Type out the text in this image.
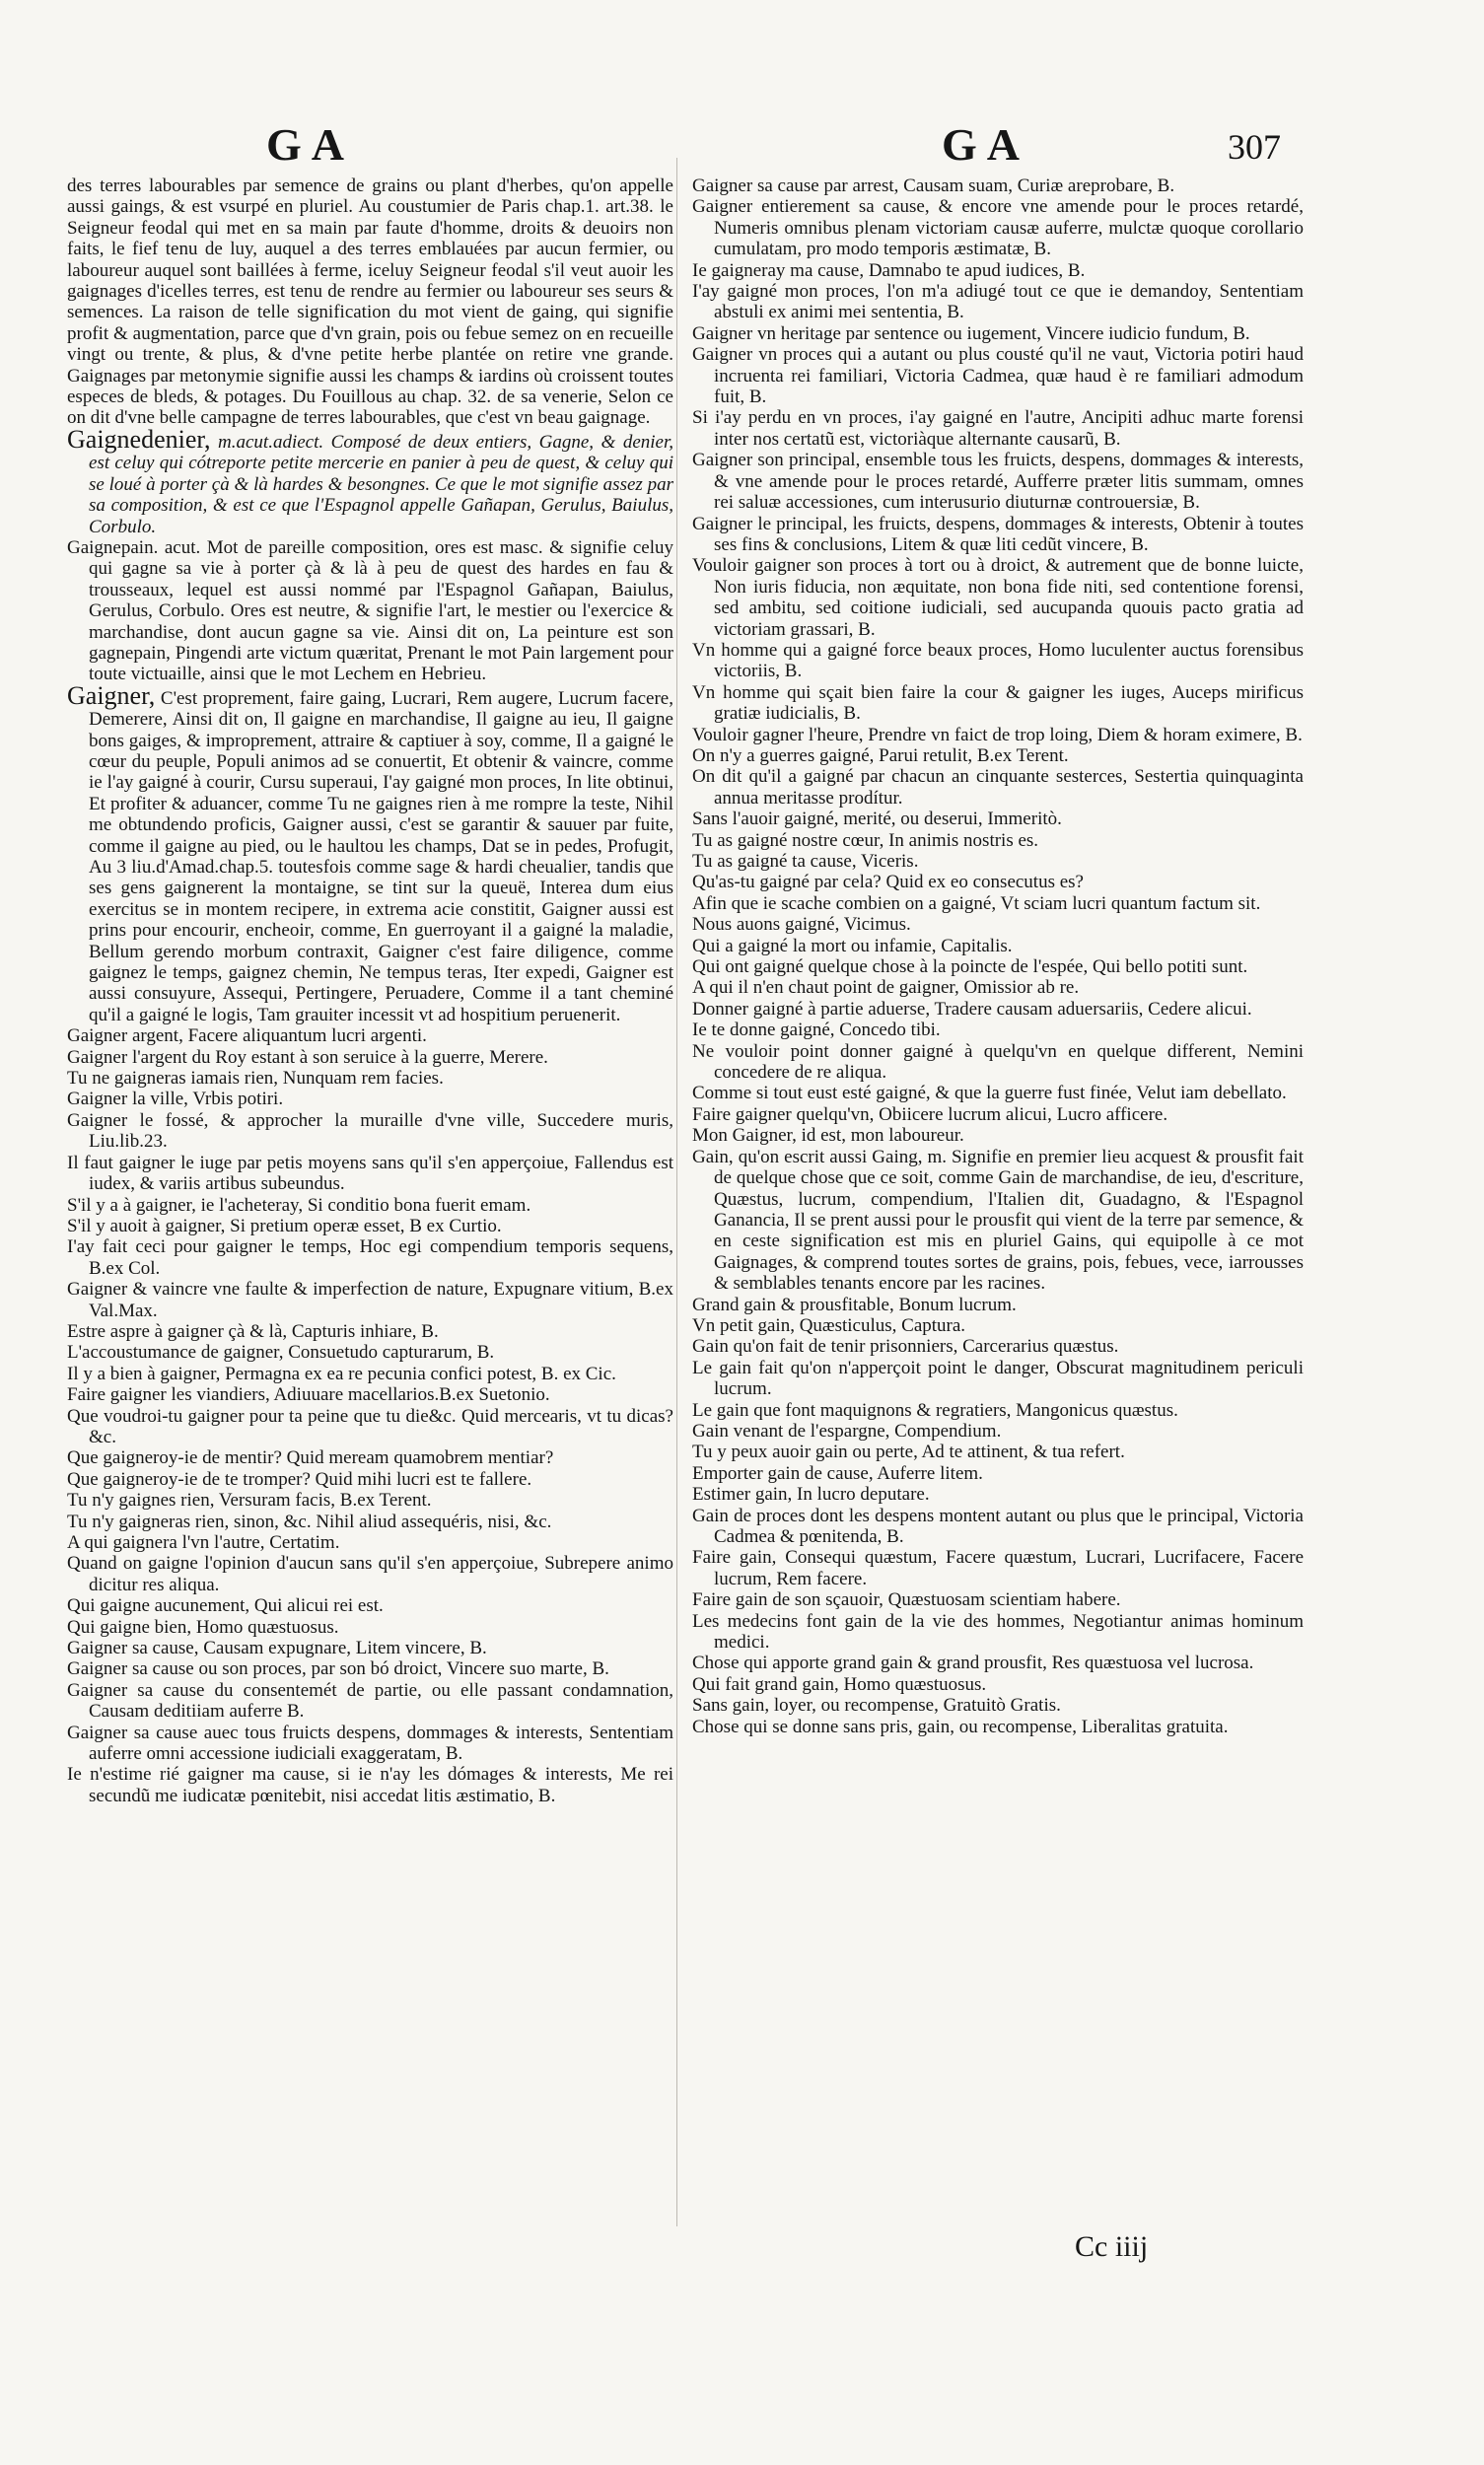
GA	GA	307

des terres labourables par semence de grains ou plant d'herbes, qu'on appelle aussi gaings, & est vsurpé en pluriel. Au coustumier de Paris chap.1. art.38. le Seigneur feodal qui met en sa main par faute d'homme, droits & deuoirs non faits, le fief tenu de luy, auquel a des terres emblauées par aucun fermier, ou laboureur auquel sont baillées à ferme, iceluy Seigneur feodal s'il veut auoir les gaignages d'icelles terres, est tenu de rendre au fermier ou laboureur ses seurs & semences. La raison de telle signification du mot vient de gaing, qui signifie profit & augmentation, parce que d'vn grain, pois ou febue semez on en recueille vingt ou trente, & plus, & d'vne petite herbe plantée on retire vne grande. Gaignages par metonymie signifie aussi les champs & iardins où croissent toutes especes de bleds, & potages. Du Fouillous au chap. 32. de sa venerie, Selon ce on dit d'vne belle campagne de terres labourables, que c'est vn beau gaignage.

Gaignedenier, m.acut.adiect. Composé de deux entiers, Gagne, & denier, est celuy qui cótreporte petite mercerie en panier à peu de quest, & celuy qui se loué à porter çà & là hardes & besongnes. Ce que le mot signifie assez par sa composition, & est ce que l'Espagnol appelle Gañapan, Gerulus, Baiulus, Corbulo.

Gaignepain. acut. Mot de pareille composition, ores est masc. & signifie celuy qui gagne sa vie à porter çà & là à peu de quest des hardes en fau & trousseaux, lequel est aussi nommé par l'Espagnol Gañapan, Baiulus, Gerulus, Corbulo. Ores est neutre, & signifie l'art, le mestier ou l'exercice & marchandise, dont aucun gagne sa vie. Ainsi dit on, La peinture est son gagnepain, Pingendi arte victum quæritat, Prenant le mot Pain largement pour toute victuaille, ainsi que le mot Lechem en Hebrieu.

Gaigner, C'est proprement, faire gaing, Lucrari, Rem augere, Lucrum facere, Demerere, Ainsi dit on, Il gaigne en marchandise, Il gaigne au ieu, Il gaigne bons gaiges, & improprement, attraire & captiuer à soy, comme, Il a gaigné le cœur du peuple, Populi animos ad se conuertit, Et obtenir & vaincre, comme ie l'ay gaigné à courir, Cursu superaui, I'ay gaigné mon proces, In lite obtinui, Et profiter & aduancer, comme Tu ne gaignes rien à me rompre la teste, Nihil me obtundendo proficis, Gaigner aussi, c'est se garantir & sauuer par fuite, comme il gaigne au pied, ou le haultou les champs, Dat se in pedes, Profugit, Au 3 liu.d'Amad.chap.5. toutesfois comme sage & hardi cheualier, tandis que ses gens gaignerent la montaigne, se tint sur la queuë, Interea dum eius exercitus se in montem recipere, in extrema acie constitit, Gaigner aussi est prins pour encourir, encheoir, comme, En guerroyant il a gaigné la maladie, Bellum gerendo morbum contraxit, Gaigner c'est faire diligence, comme gaignez le temps, gaignez chemin, Ne tempus teras, Iter expedi, Gaigner est aussi consuyure, Assequi, Pertingere, Peruadere, Comme il a tant cheminé qu'il a gaigné le logis, Tam grauiter incessit vt ad hospitium peruenerit.

Gaigner argent, Facere aliquantum lucri argenti.

Gaigner l'argent du Roy estant à son seruice à la guerre, Merere.

Tu ne gaigneras iamais rien, Nunquam rem facies.

Gaigner la ville, Vrbis potiri.

Gaigner le fossé, & approcher la muraille d'vne ville, Succedere muris, Liu.lib.23.

Il faut gaigner le iuge par petis moyens sans qu'il s'en apperçoiue, Fallendus est iudex, & variis artibus subeundus.

S'il y a à gaigner, ie l'acheteray, Si conditio bona fuerit emam.

S'il y auoit à gaigner, Si pretium operæ esset, B ex Curtio.

I'ay fait ceci pour gaigner le temps, Hoc egi compendium temporis sequens, B.ex Col.

Gaigner & vaincre vne faulte & imperfection de nature, Expugnare vitium, B.ex Val.Max.

Estre aspre à gaigner çà & là, Capturis inhiare, B.

L'accoustumance de gaigner, Consuetudo capturarum, B.

Il y a bien à gaigner, Permagna ex ea re pecunia confici potest, B. ex Cic.

Faire gaigner les viandiers, Adiuuare macellarios.B.ex Suetonio.

Que voudroi-tu gaigner pour ta peine que tu die&c. Quid mercearis, vt tu dicas? &c.

Que gaigneroy-ie de mentir? Quid meream quamobrem mentiar?

Que gaigneroy-ie de te tromper? Quid mihi lucri est te fallere.

Tu n'y gaignes rien, Versuram facis, B.ex Terent.

Tu n'y gaigneras rien, sinon, &c. Nihil aliud assequéris, nisi, &c.

A qui gaignera l'vn l'autre, Certatim.

Quand on gaigne l'opinion d'aucun sans qu'il s'en apperçoiue, Subrepere animo dicitur res aliqua.

Qui gaigne aucunement, Qui alicui rei est.

Qui gaigne bien, Homo quæstuosus.

Gaigner sa cause, Causam expugnare, Litem vincere, B.

Gaigner sa cause ou son proces, par son bó droict, Vincere suo marte, B.

Gaigner sa cause du consentemét de partie, ou elle passant condamnation, Causam deditiiam auferre B.

Gaigner sa cause auec tous fruicts despens, dommages & interests, Sententiam auferre omni accessione iudiciali exaggeratam, B.

Ie n'estime rié gaigner ma cause, si ie n'ay les dómages & interests, Me rei secundũ me iudicatæ pœnitebit, nisi accedat litis æstimatio, B.

Gaigner sa cause par arrest, Causam suam, Curiæ areprobare, B.

Gaigner entierement sa cause, & encore vne amende pour le proces retardé, Numeris omnibus plenam victoriam causæ auferre, mulctæ quoque corollario cumulatam, pro modo temporis æstimatæ, B.

Ie gaigneray ma cause, Damnabo te apud iudices, B.

I'ay gaigné mon proces, l'on m'a adiugé tout ce que ie demandoy, Sententiam abstuli ex animi mei sententia, B.

Gaigner vn heritage par sentence ou iugement, Vincere iudicio fundum, B.

Gaigner vn proces qui a autant ou plus cousté qu'il ne vaut, Victoria potiri haud incruenta rei familiari, Victoria Cadmea, quæ haud è re familiari admodum fuit, B.

Si i'ay perdu en vn proces, i'ay gaigné en l'autre, Ancipiti adhuc marte forensi inter nos certatũ est, victoriàque alternante causarũ, B.

Gaigner son principal, ensemble tous les fruicts, despens, dommages & interests, & vne amende pour le proces retardé, Aufferre præter litis summam, omnes rei saluæ accessiones, cum interusurio diuturnæ controuersiæ, B.

Gaigner le principal, les fruicts, despens, dommages & interests, Obtenir à toutes ses fins & conclusions, Litem & quæ liti cedũt vincere, B.

Vouloir gaigner son proces à tort ou à droict, & autrement que de bonne luicte, Non iuris fiducia, non æquitate, non bona fide niti, sed contentione forensi, sed ambitu, sed coitione iudiciali, sed aucupanda quouis pacto gratia ad victoriam grassari, B.

Vn homme qui a gaigné force beaux proces, Homo luculenter auctus forensibus victoriis, B.

Vn homme qui sçait bien faire la cour & gaigner les iuges, Auceps mirificus gratiæ iudicialis, B.

Vouloir gagner l'heure, Prendre vn faict de trop loing, Diem & horam eximere, B.

On n'y a guerres gaigné, Parui retulit, B.ex Terent.

On dit qu'il a gaigné par chacun an cinquante sesterces, Sestertia quinquaginta annua meritasse prodítur.

Sans l'auoir gaigné, merité, ou deserui, Immeritò.

Tu as gaigné nostre cœur, In animis nostris es.

Tu as gaigné ta cause, Viceris.

Qu'as-tu gaigné par cela? Quid ex eo consecutus es?

Afin que ie scache combien on a gaigné, Vt sciam lucri quantum factum sit.

Nous auons gaigné, Vicimus.

Qui a gaigné la mort ou infamie, Capitalis.

Qui ont gaigné quelque chose à la poincte de l'espée, Qui bello potiti sunt.

A qui il n'en chaut point de gaigner, Omissior ab re.

Donner gaigné à partie aduerse, Tradere causam aduersariis, Cedere alicui.

Ie te donne gaigné, Concedo tibi.

Ne vouloir point donner gaigné à quelqu'vn en quelque different, Nemini concedere de re aliqua.

Comme si tout eust esté gaigné, & que la guerre fust finée, Velut iam debellato.

Faire gaigner quelqu'vn, Obiicere lucrum alicui, Lucro afficere.

Mon Gaigner, id est, mon laboureur.

Gain, qu'on escrit aussi Gaing, m. Signifie en premier lieu acquest & prousfit fait de quelque chose que ce soit, comme Gain de marchandise, de ieu, d'escriture, Quæstus, lucrum, compendium, l'Italien dit, Guadagno, & l'Espagnol Ganancia, Il se prent aussi pour le prousfit qui vient de la terre par semence, & en ceste signification est mis en pluriel Gains, qui equipolle à ce mot Gaignages, & comprend toutes sortes de grains, pois, febues, vece, iarrousses & semblables tenants encore par les racines.

Grand gain & prousfitable, Bonum lucrum.

Vn petit gain, Quæsticulus, Captura.

Gain qu'on fait de tenir prisonniers, Carcerarius quæstus.

Le gain fait qu'on n'apperçoit point le danger, Obscurat magnitudinem periculi lucrum.

Le gain que font maquignons & regratiers, Mangonicus quæstus.

Gain venant de l'espargne, Compendium.

Tu y peux auoir gain ou perte, Ad te attinent, & tua refert.

Emporter gain de cause, Auferre litem.

Estimer gain, In lucro deputare.

Gain de proces dont les despens montent autant ou plus que le principal, Victoria Cadmea & pœnitenda, B.

Faire gain, Consequi quæstum, Facere quæstum, Lucrari, Lucrifacere, Facere lucrum, Rem facere.

Faire gain de son sçauoir, Quæstuosam scientiam habere.

Les medecins font gain de la vie des hommes, Negotiantur animas hominum medici.

Chose qui apporte grand gain & grand prousfit, Res quæstuosa vel lucrosa.

Qui fait grand gain, Homo quæstuosus.

Sans gain, loyer, ou recompense, Gratuitò Gratis.

Chose qui se donne sans pris, gain, ou recompense, Liberalitas gratuita.

Cc iiij
